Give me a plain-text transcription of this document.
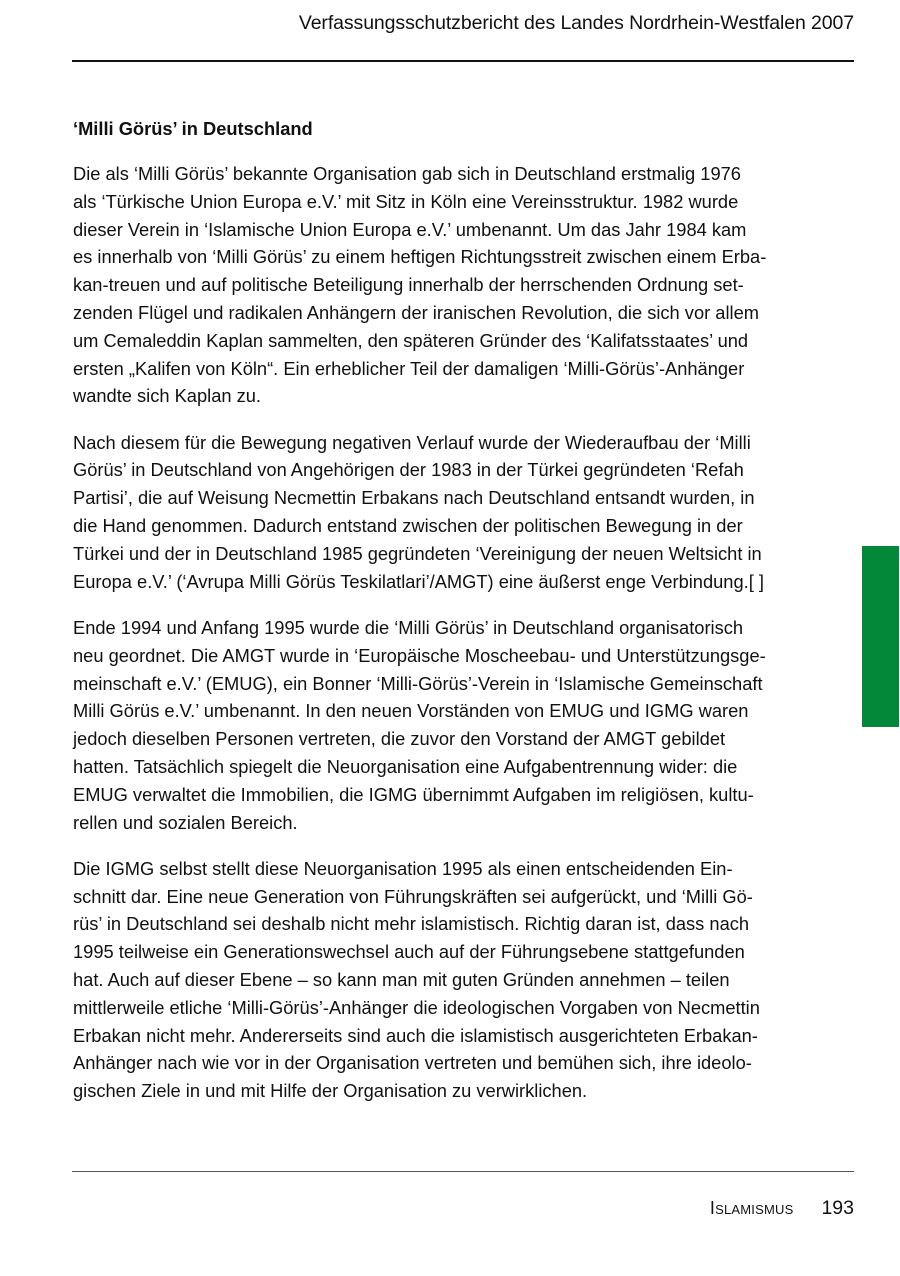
Verfassungsschutzbericht des Landes Nordrhein-Westfalen 2007
‘Milli Görüs’ in Deutschland

Die als ‘Milli Görüs’ bekannte Organisation gab sich in Deutschland erstmalig 1976
als ‘Türkische Union Europa e.V.’ mit Sitz in Köln eine Vereinsstruktur. 1982 wurde
dieser Verein in ‘Islamische Union Europa e.V.’ umbenannt. Um das Jahr 1984 kam
es innerhalb von ‘Milli Görüs’ zu einem heftigen Richtungsstreit zwischen einem Erba-
kan-treuen und auf politische Beteiligung innerhalb der herrschenden Ordnung set-
zenden Flügel und radikalen Anhängern der iranischen Revolution, die sich vor allem
um Cemaleddin Kaplan sammelten, den späteren Gründer des ‘Kalifatsstaates’ und
ersten „Kalifen von Köln“. Ein erheblicher Teil der damaligen ‘Milli-Görüs’-Anhänger
wandte sich Kaplan zu.

Nach diesem für die Bewegung negativen Verlauf wurde der Wiederaufbau der ‘Milli
Görüs’ in Deutschland von Angehörigen der 1983 in der Türkei gegründeten ‘Refah
Partisi’, die auf Weisung Necmettin Erbakans nach Deutschland entsandt wurden, in
die Hand genommen. Dadurch entstand zwischen der politischen Bewegung in der
Türkei und der in Deutschland 1985 gegründeten ‘Vereinigung der neuen Weltsicht in
Europa e.V.’ (‘Avrupa Milli Görüs Teskilatlari’/AMGT) eine äußerst enge Verbindung.[ ]

Ende 1994 und Anfang 1995 wurde die ‘Milli Görüs’ in Deutschland organisatorisch
neu geordnet. Die AMGT wurde in ‘Europäische Moscheebau- und Unterstützungsge-
meinschaft e.V.’ (EMUG), ein Bonner ‘Milli-Görüs’-Verein in ‘Islamische Gemeinschaft
Milli Görüs e.V.’ umbenannt. In den neuen Vorständen von EMUG und IGMG waren
jedoch dieselben Personen vertreten, die zuvor den Vorstand der AMGT gebildet
hatten. Tatsächlich spiegelt die Neuorganisation eine Aufgabentrennung wider: die
EMUG verwaltet die Immobilien, die IGMG übernimmt Aufgaben im religiösen, kultu-
rellen und sozialen Bereich.

Die IGMG selbst stellt diese Neuorganisation 1995 als einen entscheidenden Ein-
schnitt dar. Eine neue Generation von Führungskräften sei aufgerückt, und ‘Milli Gö-
rüs’ in Deutschland sei deshalb nicht mehr islamistisch. Richtig daran ist, dass nach
1995 teilweise ein Generationswechsel auch auf der Führungsebene stattgefunden
hat. Auch auf dieser Ebene – so kann man mit guten Gründen annehmen – teilen
mittlerweile etliche ‘Milli-Görüs’-Anhänger die ideologischen Vorgaben von Necmettin
Erbakan nicht mehr. Andererseits sind auch die islamistisch ausgerichteten Erbakan-
Anhänger nach wie vor in der Organisation vertreten und bemühen sich, ihre ideolo-
gischen Ziele in und mit Hilfe der Organisation zu verwirklichen.

Islamismus 193
